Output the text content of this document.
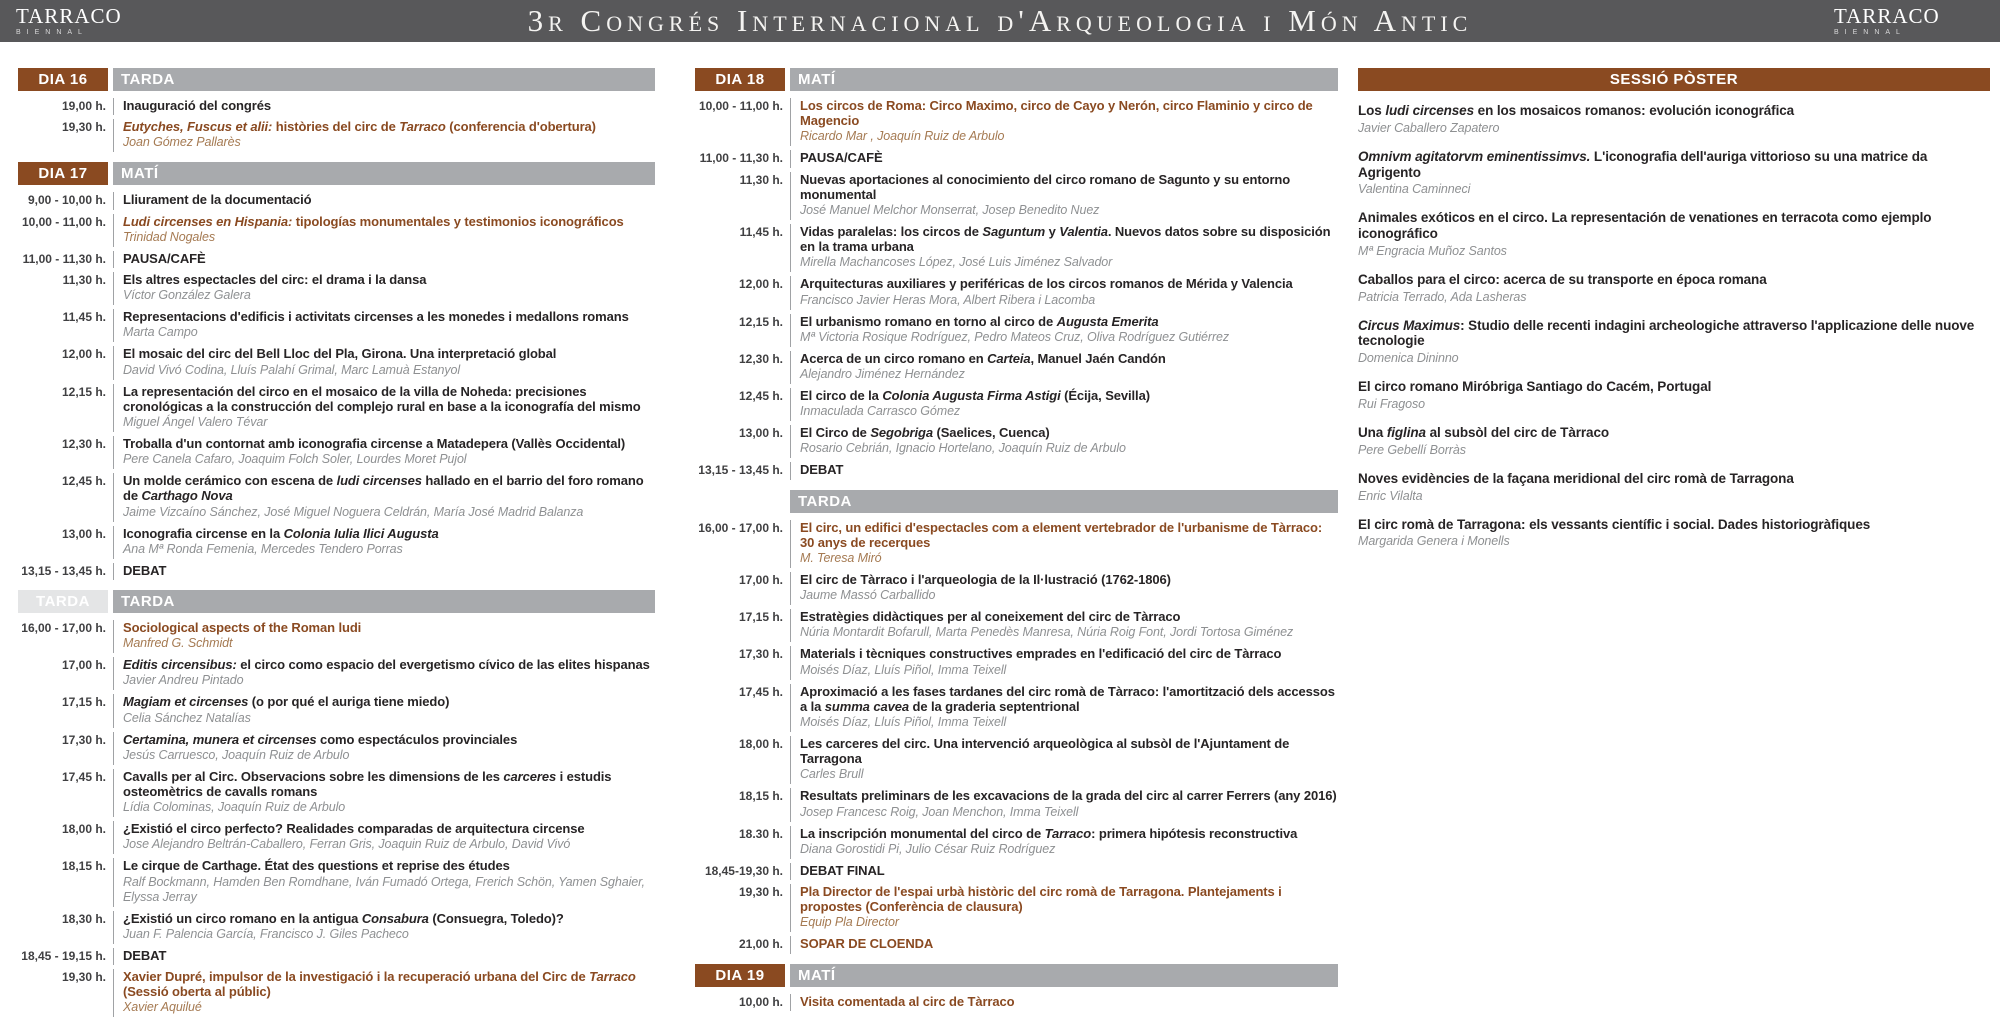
TARRACO
BIENNAL	3r Congrés Internacional d'Arqueologia i Món Antic	TARRACO
BIENNAL
DIA 16	TARDA
19,00 h.	Inauguració del congrés
19,30 h.	Eutyches, Fuscus et alii: històries del circ de Tarraco (conferencia d'obertura)
Joan Gómez Pallarès
DIA 17	MATÍ
9,00 - 10,00 h.	Lliurament de la documentació
10,00 - 11,00 h.	Ludi circenses en Hispania: tipologías monumentales y testimonios iconográficos
Trinidad Nogales
11,00 - 11,30 h.	PAUSA/CAFÈ
11,30 h.	Els altres espectacles del circ: el drama i la dansa
Víctor González Galera
11,45 h.	Representacions d'edificis i activitats circenses a les monedes i medallons romans
Marta Campo
12,00 h.	El mosaic del circ del Bell Lloc del Pla, Girona. Una interpretació global
David Vivó Codina, Lluís Palahí Grimal, Marc Lamuà Estanyol
12,15 h.	La representación del circo en el mosaico de la villa de Noheda: precisiones cronológicas a la construcción del complejo rural en base a la iconografía del mismo
Miguel Ángel Valero Tévar
12,30 h.	Troballa d'un contornat amb iconografia circense a Matadepera (Vallès Occidental)
Pere Canela Cafaro, Joaquim Folch Soler, Lourdes Moret Pujol
12,45 h.	Un molde cerámico con escena de ludi circenses hallado en el barrio del foro romano de Carthago Nova
Jaime Vizcaíno Sánchez, José Miguel Noguera Celdrán, María José Madrid Balanza
13,00 h.	Iconografia circense en la Colonia Iulia Ilici Augusta
Ana Mª Ronda Femenia, Mercedes Tendero Porras
13,15 - 13,45 h.	DEBAT
TARDA	TARDA
16,00 - 17,00 h.	Sociological aspects of the Roman ludi
Manfred G. Schmidt
17,00 h.	Editis circensibus: el circo como espacio del evergetismo cívico de las elites hispanas
Javier Andreu Pintado
17,15 h.	Magiam et circenses (o por qué el auriga tiene miedo)
Celia Sánchez Natalías
17,30 h.	Certamina, munera et circenses como espectáculos provinciales
Jesús Carruesco, Joaquín Ruiz de Arbulo
17,45 h.	Cavalls per al Circ. Observacions sobre les dimensions de les carceres i estudis osteomètrics de cavalls romans
Lídia Colominas, Joaquín Ruiz de Arbulo
18,00 h.	¿Existió el circo perfecto? Realidades comparadas de arquitectura circense
Jose Alejandro Beltrán-Caballero, Ferran Gris, Joaquin Ruiz de Arbulo, David Vivó
18,15 h.	Le cirque de Carthage. État des questions et reprise des études
Ralf Bockmann, Hamden Ben Romdhane, Iván Fumadó Ortega, Frerich Schön, Yamen Sghaier, Elyssa Jerray
18,30 h.	¿Existió un circo romano en la antigua Consabura (Consuegra, Toledo)?
Juan F. Palencia García, Francisco J. Giles Pacheco
18,45 - 19,15 h.	DEBAT
19,30 h.	Xavier Dupré, impulsor de la investigació i la recuperació urbana del Circ de Tarraco (Sessió oberta al públic)
Xavier Aquilué
DIA 18	MATÍ
10,00 - 11,00 h.	Los circos de Roma: Circo Maximo, circo de Cayo y Nerón, circo Flaminio y circo de Magencio
Ricardo Mar , Joaquín Ruiz de Arbulo
11,00 - 11,30 h.	PAUSA/CAFÈ
11,30 h.	Nuevas aportaciones al conocimiento del circo romano de Sagunto y su entorno monumental
José Manuel Melchor Monserrat, Josep Benedito Nuez
11,45 h.	Vidas paralelas: los circos de Saguntum y Valentia. Nuevos datos sobre su disposición en la trama urbana
Mirella Machancoses López, José Luis Jiménez Salvador
12,00 h.	Arquitecturas auxiliares y periféricas de los circos romanos de Mérida y Valencia
Francisco Javier Heras Mora, Albert Ribera i Lacomba
12,15 h.	El urbanismo romano en torno al circo de Augusta Emerita
Mª Victoria Rosique Rodríguez, Pedro Mateos Cruz, Oliva Rodríguez Gutiérrez
12,30 h.	Acerca de un circo romano en Carteia, Manuel Jaén Candón
Alejandro Jiménez Hernández
12,45 h.	El circo de la Colonia Augusta Firma Astigi (Écija, Sevilla)
Inmaculada Carrasco Gómez
13,00 h.	El Circo de Segobriga (Saelices, Cuenca)
Rosario Cebrián, Ignacio Hortelano, Joaquín Ruiz de Arbulo
13,15 - 13,45 h.	DEBAT
TARDA
16,00 - 17,00 h.	El circ, un edifici d'espectacles com a element vertebrador de l'urbanisme de Tàrraco: 30 anys de recerques
M. Teresa Miró
17,00 h.	El circ de Tàrraco i l'arqueologia de la Il·lustració (1762-1806)
Jaume Massó Carballido
17,15 h.	Estratègies didàctiques per al coneixement del circ de Tàrraco
Núria Montardit Bofarull, Marta Penedès Manresa, Núria Roig Font, Jordi Tortosa Giménez
17,30 h.	Materials i tècniques constructives emprades en l'edificació del circ de Tàrraco
Moisés Díaz, Lluís Piñol, Imma Teixell
17,45 h.	Aproximació a les fases tardanes del circ romà de Tàrraco: l'amortització dels accessos a la summa cavea de la graderia septentrional
Moisés Díaz, Lluís Piñol, Imma Teixell
18,00 h.	Les carceres del circ. Una intervenció arqueològica al subsòl de l'Ajuntament de Tarragona
Carles Brull
18,15 h.	Resultats preliminars de les excavacions de la grada del circ al carrer Ferrers (any 2016)
Josep Francesc Roig, Joan Menchon, Imma Teixell
18.30 h.	La inscripción monumental del circo de Tarraco: primera hipótesis reconstructiva
Diana Gorostidi Pi, Julio César Ruiz Rodríguez
18,45-19,30 h.	DEBAT FINAL
19,30 h.	Pla Director de l'espai urbà històric del circ romà de Tarragona. Plantejaments i propostes (Conferència de clausura)
Equip Pla Director
21,00 h.	SOPAR DE CLOENDA
DIA 19	MATÍ
10,00 h.	Visita comentada al circ de Tàrraco
SESSIÓ PÒSTER
Los ludi circenses en los mosaicos romanos: evolución iconográfica
Javier Caballero Zapatero
Omnivm agitatorvm eminentissimvs. L'iconografia dell'auriga vittorioso su una matrice da Agrigento
Valentina Caminneci
Animales exóticos en el circo. La representación de venationes en terracota como ejemplo iconográfico
Mª Engracia Muñoz Santos
Caballos para el circo: acerca de su transporte en época romana
Patricia Terrado, Ada Lasheras
Circus Maximus: Studio delle recenti indagini archeologiche attraverso l'applicazione delle nuove tecnologie
Domenica Dininno
El circo romano Miróbriga Santiago do Cacém, Portugal
Rui Fragoso
Una figlina al subsòl del circ de Tàrraco
Pere Gebellí Borràs
Noves evidències de la façana meridional del circ romà de Tarragona
Enric Vilalta
El circ romà de Tarragona: els vessants científic i social. Dades historiogràfiques
Margarida Genera i Monells
